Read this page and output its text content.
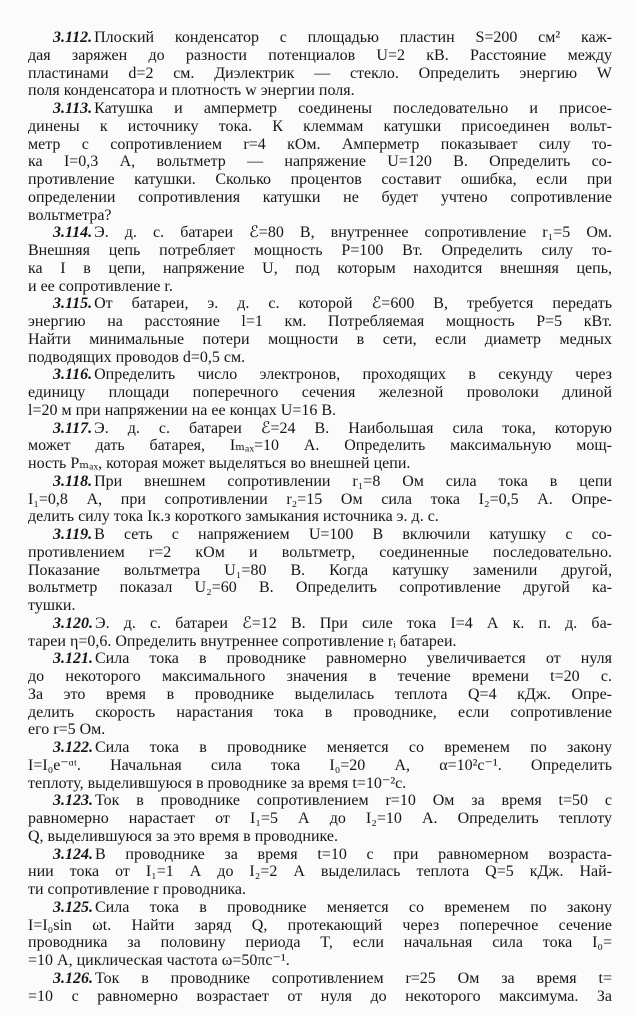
3.112. Плоский конденсатор с площадью пластин S=200 см² каж-
дая заряжен до разности потенциалов U=2 кВ. Расстояние между
пластинами d=2 см. Диэлектрик — стекло. Определить энергию W
поля конденсатора и плотность w энергии поля.
3.113. Катушка и амперметр соединены последовательно и присое-
динены к источнику тока. К клеммам катушки присоединен вольт-
метр с сопротивлением r=4 кОм. Амперметр показывает силу то-
ка I=0,3 А, вольтметр — напряжение U=120 В. Определить со-
противление катушки. Сколько процентов составит ошибка, если при
определении сопротивления катушки не будет учтено сопротивление
вольтметра?
3.114. Э. д. с. батареи ℰ=80 В, внутреннее сопротивление r₁=5 Ом.
Внешняя цепь потребляет мощность P=100 Вт. Определить силу то-
ка I в цепи, напряжение U, под которым находится внешняя цепь,
и ее сопротивление r.
3.115. От батареи, э. д. с. которой ℰ=600 В, требуется передать
энергию на расстояние l=1 км. Потребляемая мощность P=5 кВт.
Найти минимальные потери мощности в сети, если диаметр медных
подводящих проводов d=0,5 см.
3.116. Определить число электронов, проходящих в секунду через
единицу площади поперечного сечения железной проволоки длиной
l=20 м при напряжении на ее концах U=16 В.
3.117. Э. д. с. батареи ℰ=24 В. Наибольшая сила тока, которую
может дать батарея, Iₘₐₓ=10 А. Определить максимальную мощ-
ность Pₘₐₓ, которая может выделяться во внешней цепи.
3.118. При внешнем сопротивлении r₁=8 Ом сила тока в цепи
I₁=0,8 А, при сопротивлении r₂=15 Ом сила тока I₂=0,5 А. Опре-
делить силу тока Iк.з короткого замыкания источника э. д. с.
3.119. В сеть с напряжением U=100 В включили катушку с со-
противлением r=2 кОм и вольтметр, соединенные последовательно.
Показание вольтметра U₁=80 В. Когда катушку заменили другой,
вольтметр показал U₂=60 В. Определить сопротивление другой ка-
тушки.
3.120. Э. д. с. батареи ℰ=12 В. При силе тока I=4 А к. п. д. ба-
тареи η=0,6. Определить внутреннее сопротивление rᵢ батареи.
3.121. Сила тока в проводнике равномерно увеличивается от нуля
до некоторого максимального значения в течение времени t=20 с.
За это время в проводнике выделилась теплота Q=4 кДж. Опре-
делить скорость нарастания тока в проводнике, если сопротивление
его r=5 Ом.
3.122. Сила тока в проводнике меняется со временем по закону
I=I₀e⁻ᵅᵗ. Начальная сила тока I₀=20 А, α=10²с⁻¹. Определить
теплоту, выделившуюся в проводнике за время t=10⁻²с.
3.123. Ток в проводнике сопротивлением r=10 Ом за время t=50 с
равномерно нарастает от I₁=5 А до I₂=10 А. Определить теплоту
Q, выделившуюся за это время в проводнике.
3.124. В проводнике за время t=10 с при равномерном возраста-
нии тока от I₁=1 А до I₂=2 А выделилась теплота Q=5 кДж. Най-
ти сопротивление r проводника.
3.125. Сила тока в проводнике меняется со временем по закону
I=I₀sin ωt. Найти заряд Q, протекающий через поперечное сечение
проводника за половину периода T, если начальная сила тока I₀=
=10 А, циклическая частота ω=50πс⁻¹.
3.126. Ток в проводнике сопротивлением r=25 Ом за время t=
=10 с равномерно возрастает от нуля до некоторого максимума. За
